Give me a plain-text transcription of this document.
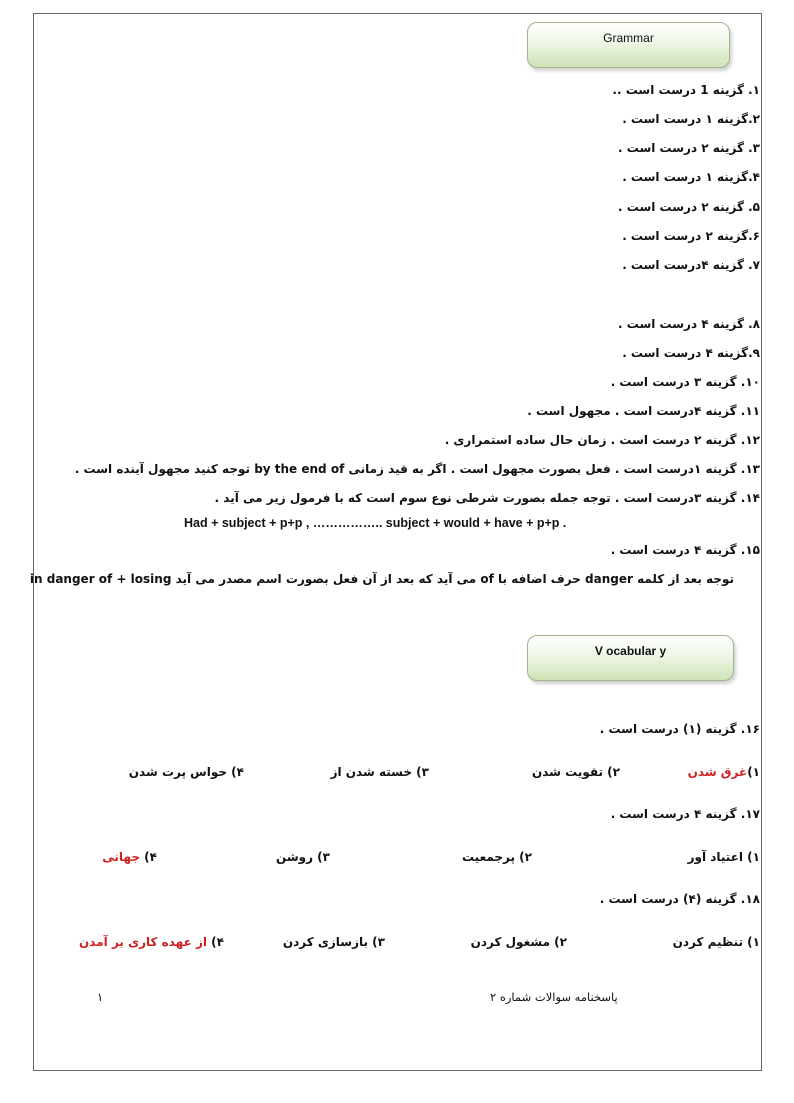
Grammar
۱. گزینه 1 درست است ..
۲.گزینه ۱ درست است .
۳. گزینه ۲ درست است .
۴.گزینه ۱ درست است .
۵. گزینه ۲ درست است .
۶.گزینه ۲ درست است .
۷. گزینه ۴درست است .
۸. گزینه ۴ درست است .
۹.گزینه ۴ درست است .
۱۰. گزینه ۳ درست است .
۱۱. گزینه ۴درست است . مجهول است .
۱۲. گزینه ۲ درست است . زمان حال ساده استمراری .
۱۳. گزینه ۱درست است . فعل بصورت مجهول است . اگر به قید زمانی by the end of توجه کنید مجهول آینده است .
۱۴. گزینه ۳درست است . توجه جمله بصورت شرطی نوع سوم است که با فرمول زیر می آید .
Had + subject + p+p , …………….. subject + would + have + p+p .
۱۵. گزینه ۴ درست است .
توجه بعد از کلمه danger حرف اضافه با of می آید که بعد از آن فعل بصورت اسم مصدر می آید in danger of + losing
V ocabular y
۱۶. گزینه (۱) درست است .
۱)غرق شدن
۲) تقویت شدن
۳) خسته شدن از
۴) حواس پرت شدن
۱۷. گزینه ۴ درست است .
۱) اعتیاد آور
۲) پرجمعیت
۳) روشن
۴) جهانی
۱۸. گزینه (۴) درست است .
۱) تنظیم کردن
۲) مشغول کردن
۳) بازسازی کردن
۴) از عهده کاری بر آمدن
پاسخنامه سوالات شماره ۲
۱
